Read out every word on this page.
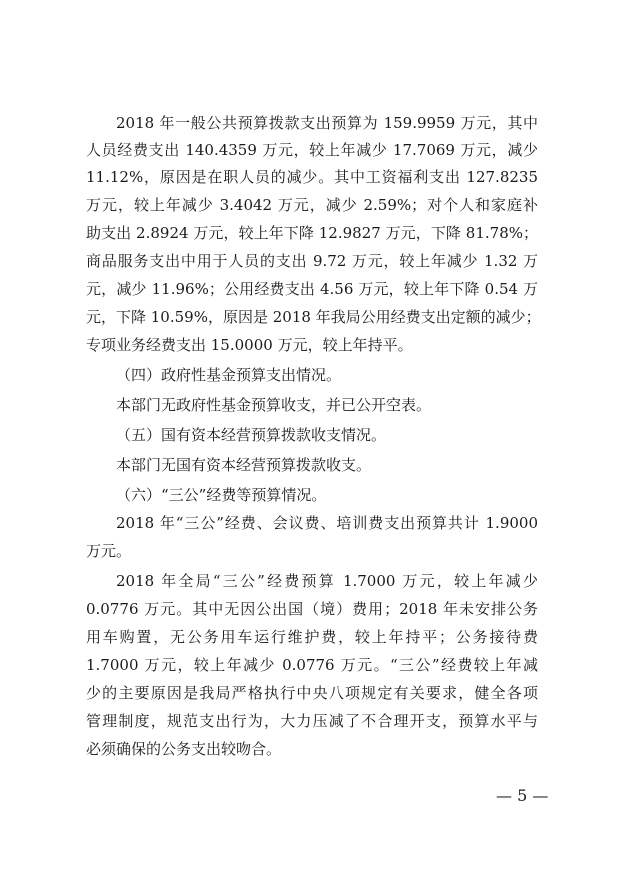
2018 年一般公共预算拨款支出预算为 159.9959 万元，其中
人员经费支出 140.4359 万元，较上年减少 17.7069 万元，减少
11.12%，原因是在职人员的减少。其中工资福利支出 127.8235
万元，较上年减少 3.4042 万元，减少 2.59%；对个人和家庭补
助支出 2.8924 万元，较上年下降 12.9827 万元，下降 81.78%；
商品服务支出中用于人员的支出 9.72 万元，较上年减少 1.32 万
元，减少 11.96%；公用经费支出 4.56 万元，较上年下降 0.54 万
元，下降 10.59%，原因是 2018 年我局公用经费支出定额的减少；
专项业务经费支出 15.0000 万元，较上年持平。
（四）政府性基金预算支出情况。
本部门无政府性基金预算收支，并已公开空表。
（五）国有资本经营预算拨款收支情况。
本部门无国有资本经营预算拨款收支。
（六）“三公”经费等预算情况。
2018 年“三公”经费、会议费、培训费支出预算共计 1.9000
万元。
2018 年全局“三公”经费预算 1.7000 万元，较上年减少
0.0776 万元。其中无因公出国（境）费用；2018 年未安排公务
用车购置，无公务用车运行维护费，较上年持平；公务接待费
1.7000 万元，较上年减少 0.0776 万元。“三公”经费较上年减
少的主要原因是我局严格执行中央八项规定有关要求，健全各项
管理制度，规范支出行为，大力压减了不合理开支，预算水平与
必须确保的公务支出较吻合。
— 5 —
